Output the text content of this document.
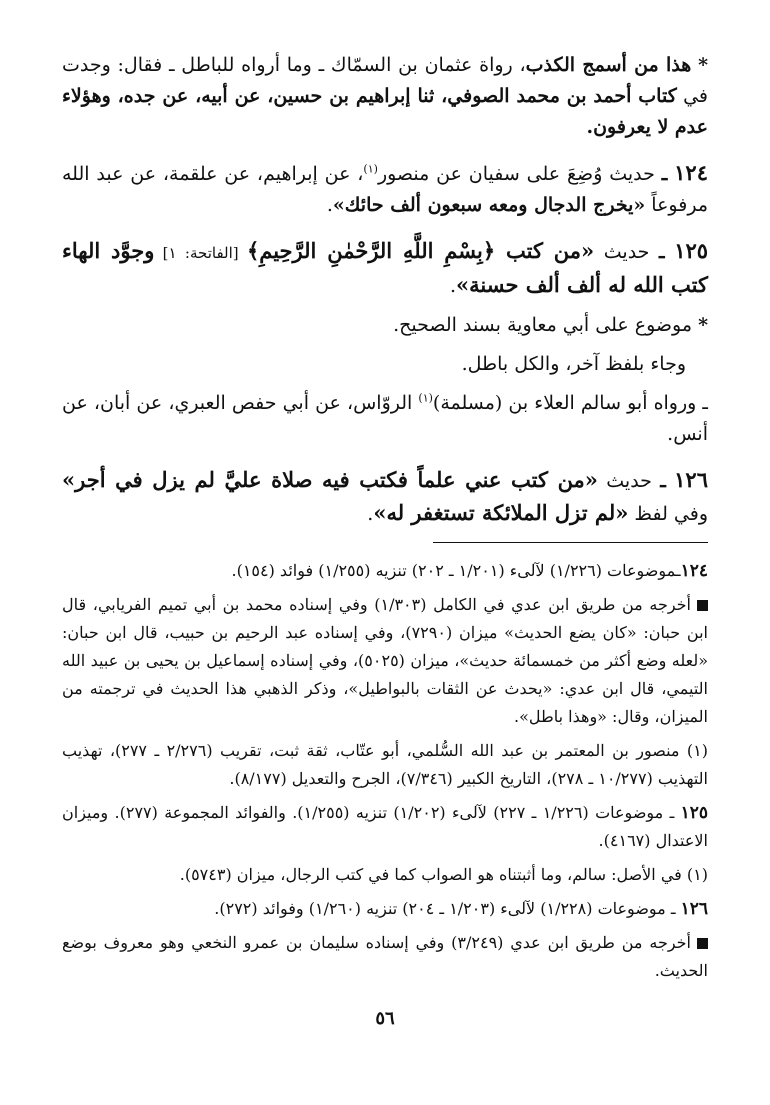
* هذا من أسمج الكذب، رواة عثمان بن السمّاك ـ وما أرواه للباطل ـ فقال: وجدت في كتاب أحمد بن محمد الصوفي، ثنا إبراهيم بن حسين، عن أبيه، عن جده، وهؤلاء عدم لا يعرفون.

١٢٤ ـ حديث وُضِعَ على سفيان عن منصور$^{(١)}$، عن إبراهيم، عن علقمة، عن عبد الله مرفوعاً «يخرج الدجال ومعه سبعون ألف حائك».

١٢٥ ـ حديث «من كتب ﴿بِسْمِ اللَّهِ الرَّحْمٰنِ الرَّحِيمِ﴾ [الفاتحة: ١] وجوَّد الهاء كتب الله له ألف ألف حسنة».

* موضوع على أبي معاوية بسند الصحيح.

وجاء بلفظ آخر، والكل باطل.

ـ ورواه أبو سالم العلاء بن (مسلمة)$^{(١)}$ الروّاس، عن أبي حفص العبري، عن أبان، عن أنس.

١٢٦ ـ حديث «من كتب عني علماً فكتب فيه صلاة عليَّ لم يزل في أجر» وفي لفظ «لم تزل الملائكة تستغفر له».

١٢٤ـموضوعات (١/٢٢٦) لآلىء (١/٢٠١ ـ ٢٠٢) تنزيه (١/٢٥٥) فوائد (١٥٤).

أخرجه من طريق ابن عدي في الكامل (١/٣٠٣) وفي إسناده محمد بن أبي تميم الفريابي، قال ابن حبان: «كان يضع الحديث» ميزان (٧٢٩٠)، وفي إسناده عبد الرحيم بن حبيب، قال ابن حبان: «لعله وضع أكثر من خمسمائة حديث»، ميزان (٥٠٢٥)، وفي إسناده إسماعيل بن يحيى بن عبيد الله التيمي، قال ابن عدي: «يحدث عن الثقات بالبواطيل»، وذكر الذهبي هذا الحديث في ترجمته من الميزان، وقال: «وهذا باطل».

(١) منصور بن المعتمر بن عبد الله السُّلمي، أبو عتّاب، ثقة ثبت، تقريب (٢/٢٧٦ ـ ٢٧٧)، تهذيب التهذيب (١٠/٢٧٧ ـ ٢٧٨)، التاريخ الكبير (٧/٣٤٦)، الجرح والتعديل (٨/١٧٧).

١٢٥ ـ موضوعات (١/٢٢٦ ـ ٢٢٧) لآلىء (١/٢٠٢) تنزيه (١/٢٥٥). والفوائد المجموعة (٢٧٧). وميزان الاعتدال (٤١٦٧).

(١) في الأصل: سالم، وما أثبتناه هو الصواب كما في كتب الرجال، ميزان (٥٧٤٣).

١٢٦ ـ موضوعات (١/٢٢٨) لآلىء (١/٢٠٣ ـ ٢٠٤) تنزيه (١/٢٦٠) وفوائد (٢٧٢).

أخرجه من طريق ابن عدي (٣/٢٤٩) وفي إسناده سليمان بن عمرو النخعي وهو معروف بوضع الحديث.

٥٦
